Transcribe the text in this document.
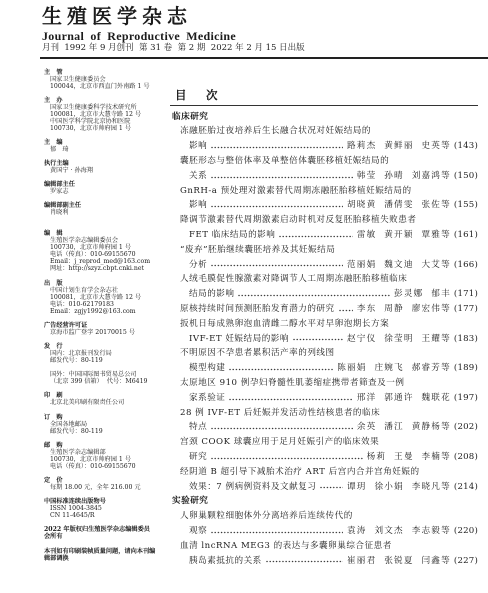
生殖医学杂志
Journal of Reproductive Medicine
月刊  1992 年 9 月创刊  第 31 卷  第 2 期  2022 年 2 月 15 日出版
主　管
国家卫生健康委员会
100044，北京市西直门外南路 1 号
主　办
国家卫生健康委科学技术研究所
100081，北京市大慧寺路 12 号
中国医学科学院北京协和医院
100730，北京市帅府园 1 号
主　编
郁　琦
执行主编
黄国宁 · 孙海翔
编辑部主任
罗家志
编辑部副主任
肖晓利
编　辑
生殖医学杂志编辑委员会
100730，北京市帅府园 1 号
电话（传真）：010-69155670
Email：j_reprod_med@163.com
网址：http://szyz.cbpt.cnki.net
出　版
中国计划生育学会杂志社
100081，北京市大慧寺路 12 号
电话：010-62179183
Email：zgjy1992@163.com
广告经营许可证
京海市监广登字 20170015 号
发　行
国内：北京报刊发行局
邮发代号：80-119
国外：中国国际图书贸易总公司
（北京 399 信箱）  代号：M6419
印　刷
北京北美印刷有限责任公司
订　购
全国各地邮局
邮发代号：80-119
邮　购
生殖医学杂志编辑部
100730，北京市帅府园 1 号
电话（传真）：010-69155670
定　价
每期 18.00 元，全年 216.00 元
中国标准连续出版物号
ISSN 1004-3845
CN 11-4645/R
2022 年版权归生殖医学杂志编辑委员会所有
本刊如有印刷装帧质量问题，请向本刊编辑部调换
目　次
临床研究
冻融胚胎过夜培养后生长融合状况对妊娠结局的
影响	路莉杰  黄鲜丽  史英等 (143)
囊胚形态与整倍体率及单整倍体囊胚移植妊娠结局的
关系	韩莹  孙晴  刘嘉鸿等 (150)
GnRH-a 预处理对激素替代周期冻融胚胎移植妊娠结局的
影响	胡晓黄  潘倩雯  张佐等 (155)
降调节激素替代周期激素启动时机对反复胚胎移植失败患者
FET 临床结局的影响	雷敏  黄开颖  覃雅等 (161)
“废弃”胚胎继续囊胚培养及其妊娠结局
分析	范丽娟  魏文迪  大艾等 (166)
人绒毛膜促性腺激素对降调节人工周期冻融胚胎移植临床
结局的影响	彭灵娜  郁丰 (171)
原核持续时间预测胚胎发育潜力的研究	李东  周静  廖宏伟等 (177)
扳机日每成熟卵泡血清雌二醇水平对早卵泡期长方案
IVF-ET 妊娠结局的影响	赵宁仪  徐莹明  王耀等 (183)
不明原因不孕患者累积活产率的列线图
模型构建	陈丽娟  庄婉飞  郝睿芳等 (189)
太原地区 910 例孕妇脊髓性肌萎缩症携带者筛查及一例
家系验证	邢洋  郭通许  魏联花 (197)
28 例 IVF-ET 后妊娠并发活动性结核患者的临床
特点	余英  潘江  黄静杨等 (202)
宫颈 COOK 球囊应用于足月妊娠引产的临床效果
研究	杨莉  王曼  李楠等 (208)
经阴道 B 超引导下减胎术治疗 ART 后宫内合并宫角妊娠的
效果：7 例病例资料及文献复习	谭玥  徐小娟  李晓凡等 (214)
实验研究
人卵巢颗粒细胞体外分离培养后连续传代的
观察	袁涛  刘文杰  李志毅等 (220)
血清 lncRNA MEG3 的表达与多囊卵巢综合征患者
胰岛素抵抗的关系	崔丽君  张锐夏  闫鑫等 (227)
